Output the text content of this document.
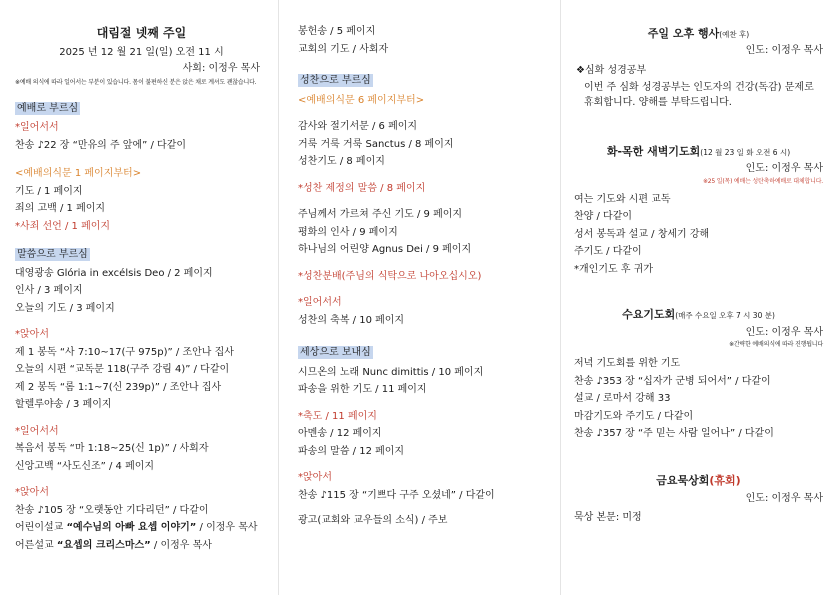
대림절 넷째 주일
2025 년 12 월 21 일(일) 오전 11 시
사회: 이정우 목사
※예배 의식에 따라 일어서는 부분이 있습니다. 몸이 불편하신 분은 앉은 채로 계셔도 괜찮습니다.
예배로 부르심
*일어서서
찬송 ♪22 장 “만유의 주 앞에” / 다같이
<예배의식문 1 페이지부터>
기도 / 1 페이지
죄의 고백 / 1 페이지
*사죄 선언 / 1 페이지
말씀으로 부르심
대영광송 Glória in excélsis Deo / 2 페이지
인사 / 3 페이지
오늘의 기도 / 3 페이지
*앉아서
제 1 봉독 “사 7:10~17(구 975p)” / 조안나 집사
오늘의 시편 “교독문 118(구주 강림 4)” / 다같이
제 2 봉독 “롬 1:1~7(신 239p)” / 조안나 집사
할렐루야송 / 3 페이지
*일어서서
복음서 봉독 “마 1:18~25(신 1p)” / 사회자
신앙고백 “사도신조” / 4 페이지
*앉아서
찬송 ♪105 장 “오랫동안 기다리던” / 다같이
어린이설교 “예수님의 아빠 요셉 이야기” / 이정우 목사
어른설교 “요셉의 크리스마스” / 이정우 목사
봉헌송 / 5 페이지
교회의 기도 / 사회자
성찬으로 부르심
<예배의식문 6 페이지부터>
감사와 절기서문 / 6 페이지
거룩 거룩 거룩 Sanctus / 8 페이지
성찬기도 / 8 페이지
*성찬 제정의 말씀 / 8 페이지
주님께서 가르쳐 주신 기도 / 9 페이지
평화의 인사 / 9 페이지
하나님의 어린양 Agnus Dei / 9 페이지
*성찬분배(주님의 식탁으로 나아오십시오)
*일어서서
성찬의 축복 / 10 페이지
세상으로 보내심
시므온의 노래 Nunc dimittis / 10 페이지
파송을 위한 기도 / 11 페이지
*축도 / 11 페이지
아멘송 / 12 페이지
파송의 말씀 / 12 페이지
*앉아서
찬송 ♪115 장 “기쁘다 구주 오셨네” / 다같이
광고(교회와 교우들의 소식) / 주보
주일 오후 행사(예찬 후)
인도: 이정우 목사
❖심화 성경공부
이번 주 심화 성경공부는 인도자의 건강(독감) 문제로
휴회합니다. 양해를 부탁드립니다.
화-목한 새벽기도회(12 월 23 일 화 오전 6 시)
인도: 이정우 목사
※25 일(목) 예배는 성탄축하예배로 대체합니다.
여는 기도와 시편 교독
찬양 / 다같이
성서 봉독과 설교 / 창세기 강해
주기도 / 다같이
*개인기도 후 귀가
수요기도회(매주 수요일 오후 7 시 30 분)
인도: 이정우 목사
※간략한 예배의식에 따라 진행됩니다
저녁 기도회를 위한 기도
찬송 ♪353 장 “십자가 군병 되어서” / 다같이
설교 / 로마서 강해 33
마감기도와 주기도 / 다같이
찬송 ♪357 장 “주 믿는 사람 일어나” / 다같이
금요묵상회(휴회)
인도: 이정우 목사
묵상 본문: 미정
